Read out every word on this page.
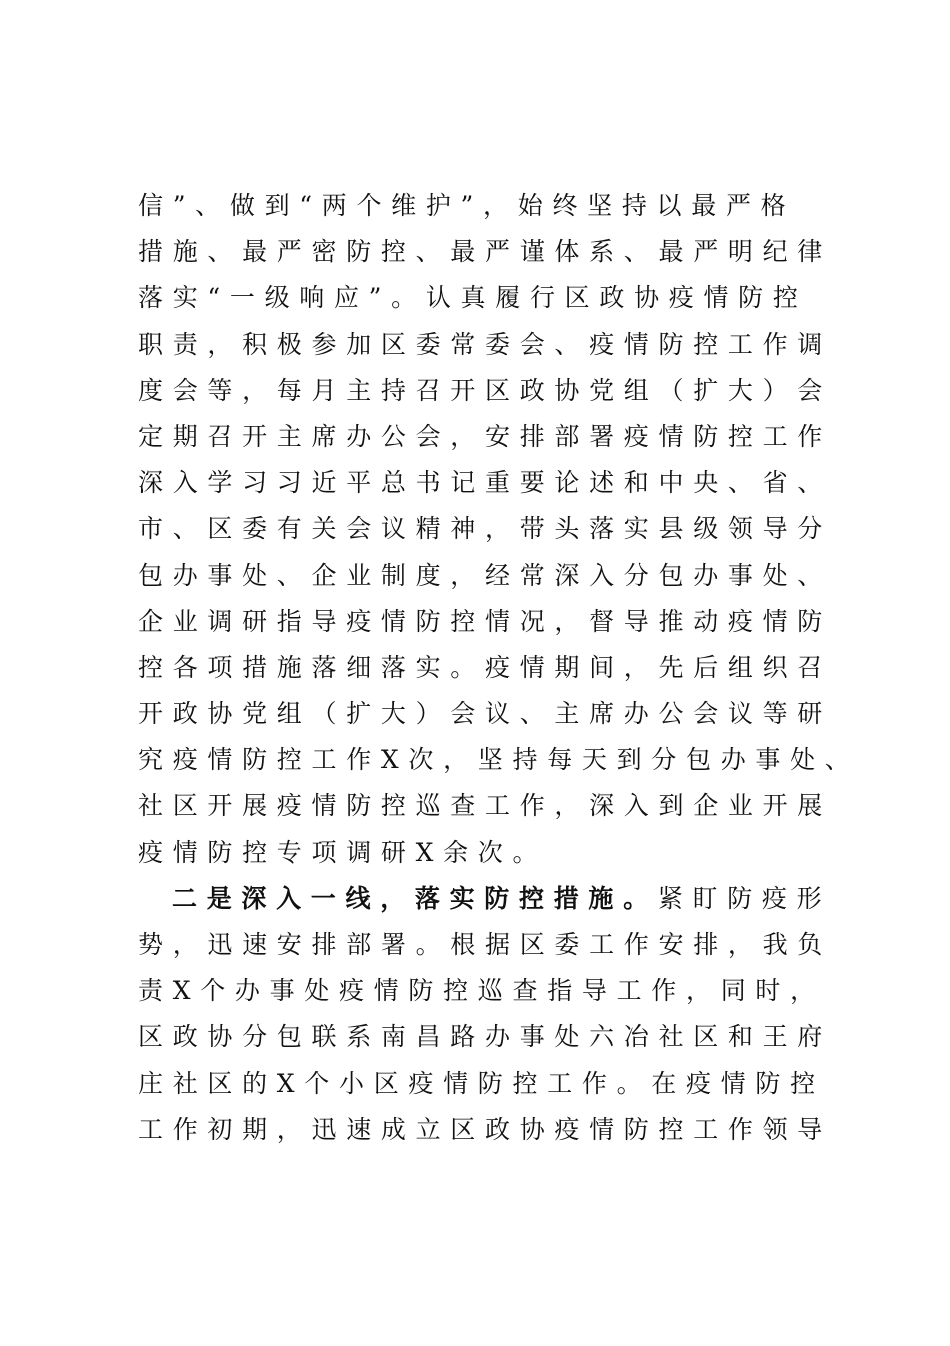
信”、做到“两个维护”，始终坚持以最严格
措施、最严密防控、最严谨体系、最严明纪律
落实“一级响应”。认真履行区政协疫情防控
职责，积极参加区委常委会、疫情防控工作调
度会等，每月主持召开区政协党组（扩大）会
定期召开主席办公会，安排部署疫情防控工作
深入学习习近平总书记重要论述和中央、省、
市、区委有关会议精神，带头落实县级领导分
包办事处、企业制度，经常深入分包办事处、
企业调研指导疫情防控情况，督导推动疫情防
控各项措施落细落实。疫情期间，先后组织召
开政协党组（扩大）会议、主席办公会议等研
究疫情防控工作X次，坚持每天到分包办事处、
社区开展疫情防控巡查工作，深入到企业开展
疫情防控专项调研X余次。
二是深入一线，落实防控措施。紧盯防疫形
势，迅速安排部署。根据区委工作安排，我负
责X个办事处疫情防控巡查指导工作，同时，
区政协分包联系南昌路办事处六冶社区和王府
庄社区的X个小区疫情防控工作。在疫情防控
工作初期，迅速成立区政协疫情防控工作领导
